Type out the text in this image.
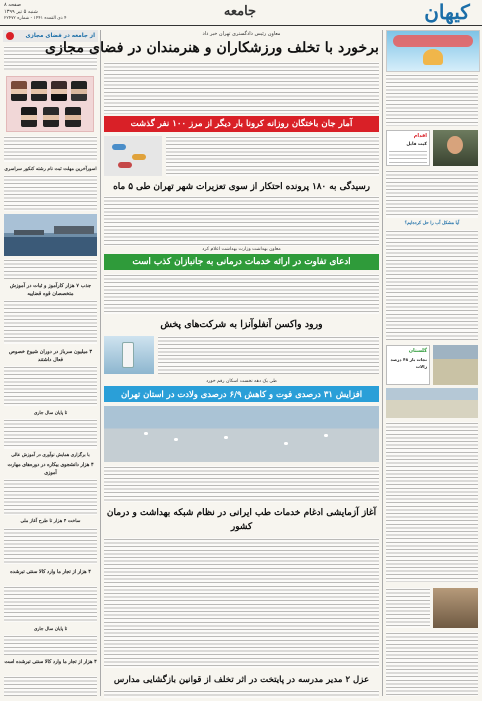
کیهان
جامعه
صفحه ۸
شنبه ۵ تیر ۱۳۹۹
۴ ذی القعده ۱۴۴۱ - شماره ۲۲۴۷۲
از جامعه در فضای مجازی
اسورآخرین مهلت ثبت نام رشته کنکور سراسری
جذب ۷ هزار کارآموز و ثبات در آموزش متخصصان قوه قضاییه
۳ میلیون سرباز در دوران شیوع خصوص فعال داشتند
تا پایان سال جاری
با برگزاری همایش نوآوری در آموزش عالی
۴ هزار دانشجوی بیکاره در دوره‌های مهارت آموزی
ساخت ۴ هزار تا طرح آغاز ملی
۴ هزار از تجار ما وارد کالا سنتی تبرشده
تا پایان سال جاری
۴ هزار از تجار ما وارد کالا سنتی تبرشده است
اقدام
کیت فایل
آیا مشکل آب را حل کرده‌ایم؟
گلستان
نجات بار ۴۸ درصد زالات
معاون رئیس دادگستری تهران خبر داد
برخورد با تخلف ورزشکاران و هنرمندان در فضای مجازی
آمار جان باختگان روزانه کرونا بار دیگر از مرز ۱۰۰ نفر گذشت
رسیدگی به ۱۸۰ پرونده احتکار از سوی تعزیرات شهر تهران طی ۵ ماه
معاون بهداشت وزارت بهداشت اعلام کرد
ادعای تفاوت در ارائه خدمات درمانی به جانبازان کذب است
ورود واکسن آنفلوآنزا به شرکت‌های پخش
طی یک دهه نخست اسکان رقم خورد
افزایش ۳۱ درصدی فوت و کاهش ۶/۹ درصدی ولادت در استان تهران
آغاز آزمایشی ادغام خدمات طب ایرانی در نظام شبکه بهداشت و درمان کشور
عزل ۲ مدیر مدرسه در پایتخت در اثر تخلف از قوانین بازگشایی مدارس
